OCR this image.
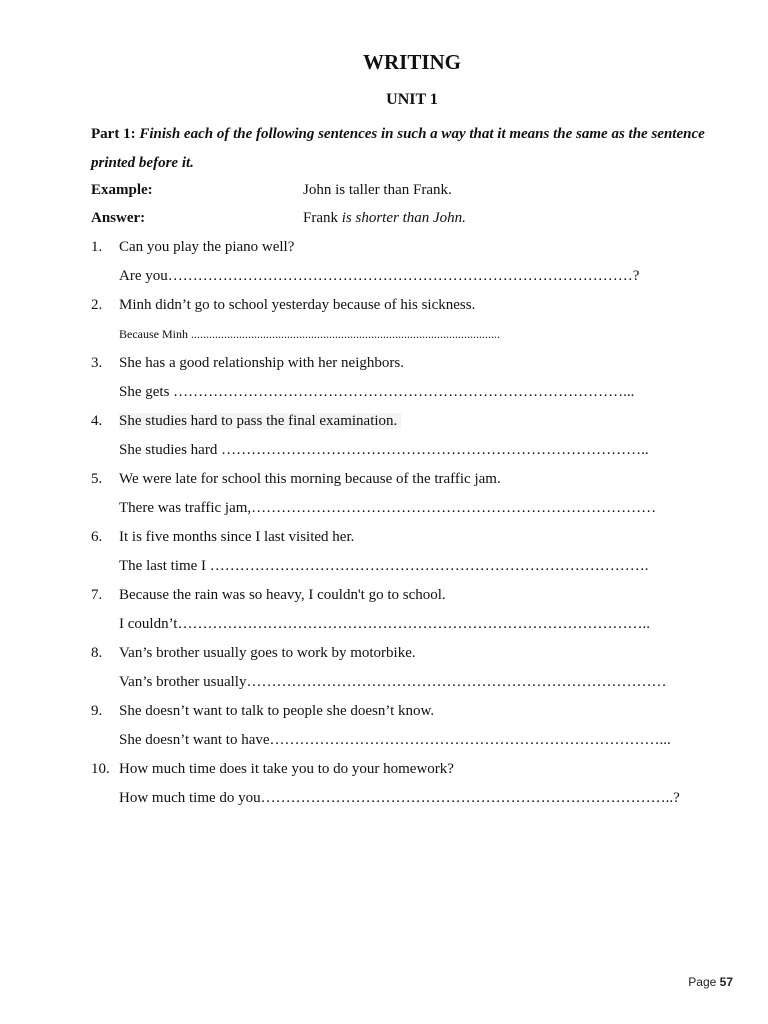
WRITING
UNIT 1
Part 1: Finish each of the following sentences in such a way that it means the same as the sentence printed before it.
Example:	John is taller than Frank.
Answer:	Frank is shorter than John.
1. Can you play the piano well?
Are you…………………………………………………………………………………?
2. Minh didn’t go to school yesterday because of his sickness.
Because Minh .......................................................................................................
3. She has a good relationship with her neighbors.
She gets ………………………………………………………………………………...
4. She studies hard to pass the final examination.
She studies hard …………………………………………………………………………..
5. We were late for school this morning because of the traffic jam.
There was traffic jam,………………………………………………………………………
6. It is five months since I last visited her.
The last time I …………………………………………………………………………….
7. Because the rain was so heavy, I couldn't go to school.
I couldn’t…………………………………………………………………………………..
8. Van’s brother usually goes to work by motorbike.
Van’s brother usually…………………………………………………………………………
9. She doesn’t want to talk to people she doesn’t know.
She doesn’t want to have……………………………………………………………………...
10. How much time does it take you to do your homework?
How much time do you………………………………………………………………………..?
Page 57
